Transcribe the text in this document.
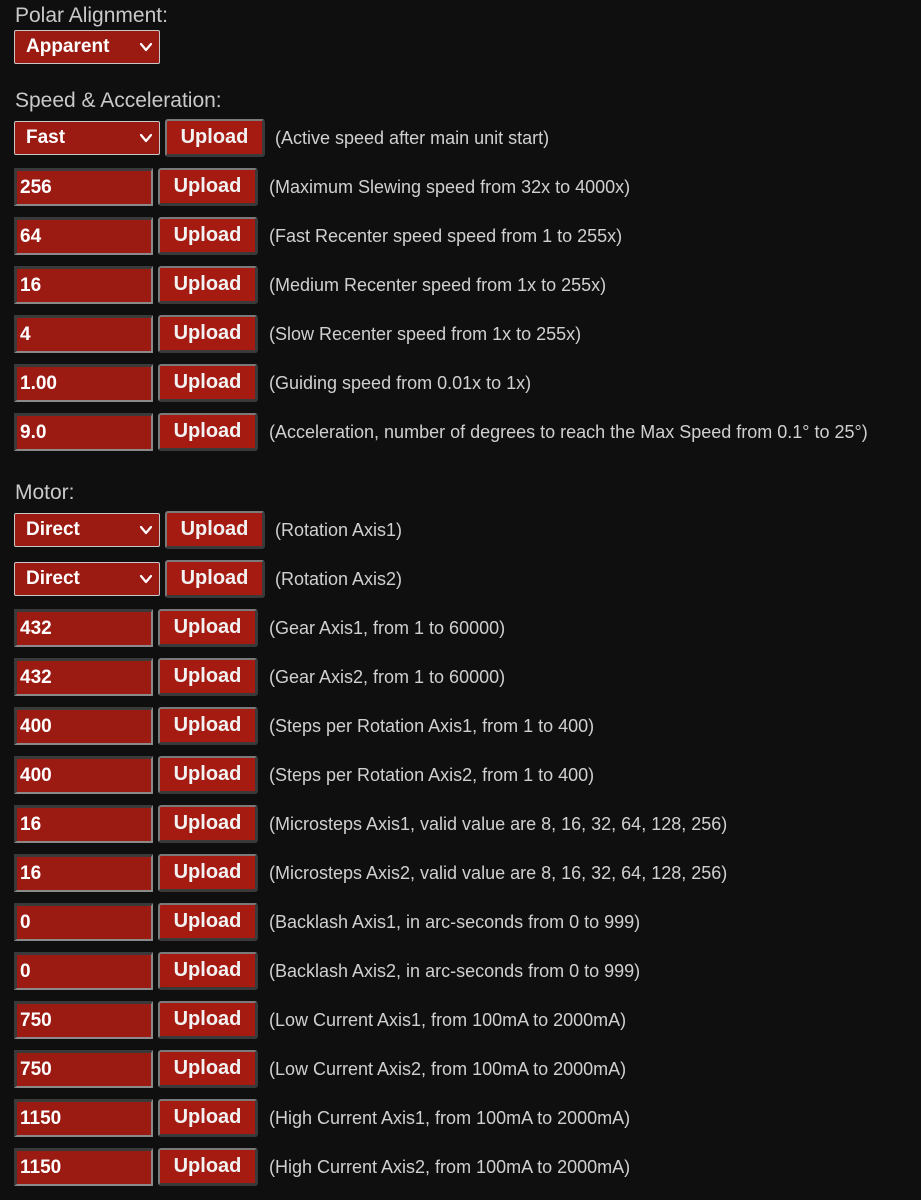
Polar Alignment:
Apparent
Speed & Acceleration:
Fast	Upload	(Active speed after main unit start)
256	Upload	(Maximum Slewing speed from 32x to 4000x)
64	Upload	(Fast Recenter speed speed from 1 to 255x)
16	Upload	(Medium Recenter speed from 1x to 255x)
4	Upload	(Slow Recenter speed from 1x to 255x)
1.00	Upload	(Guiding speed from 0.01x to 1x)
9.0	Upload	(Acceleration, number of degrees to reach the Max Speed from 0.1° to 25°)
Motor:
Direct	Upload	(Rotation Axis1)
Direct	Upload	(Rotation Axis2)
432	Upload	(Gear Axis1, from 1 to 60000)
432	Upload	(Gear Axis2, from 1 to 60000)
400	Upload	(Steps per Rotation Axis1, from 1 to 400)
400	Upload	(Steps per Rotation Axis2, from 1 to 400)
16	Upload	(Microsteps Axis1, valid value are 8, 16, 32, 64, 128, 256)
16	Upload	(Microsteps Axis2, valid value are 8, 16, 32, 64, 128, 256)
0	Upload	(Backlash Axis1, in arc-seconds from 0 to 999)
0	Upload	(Backlash Axis2, in arc-seconds from 0 to 999)
750	Upload	(Low Current Axis1, from 100mA to 2000mA)
750	Upload	(Low Current Axis2, from 100mA to 2000mA)
1150	Upload	(High Current Axis1, from 100mA to 2000mA)
1150	Upload	(High Current Axis2, from 100mA to 2000mA)
